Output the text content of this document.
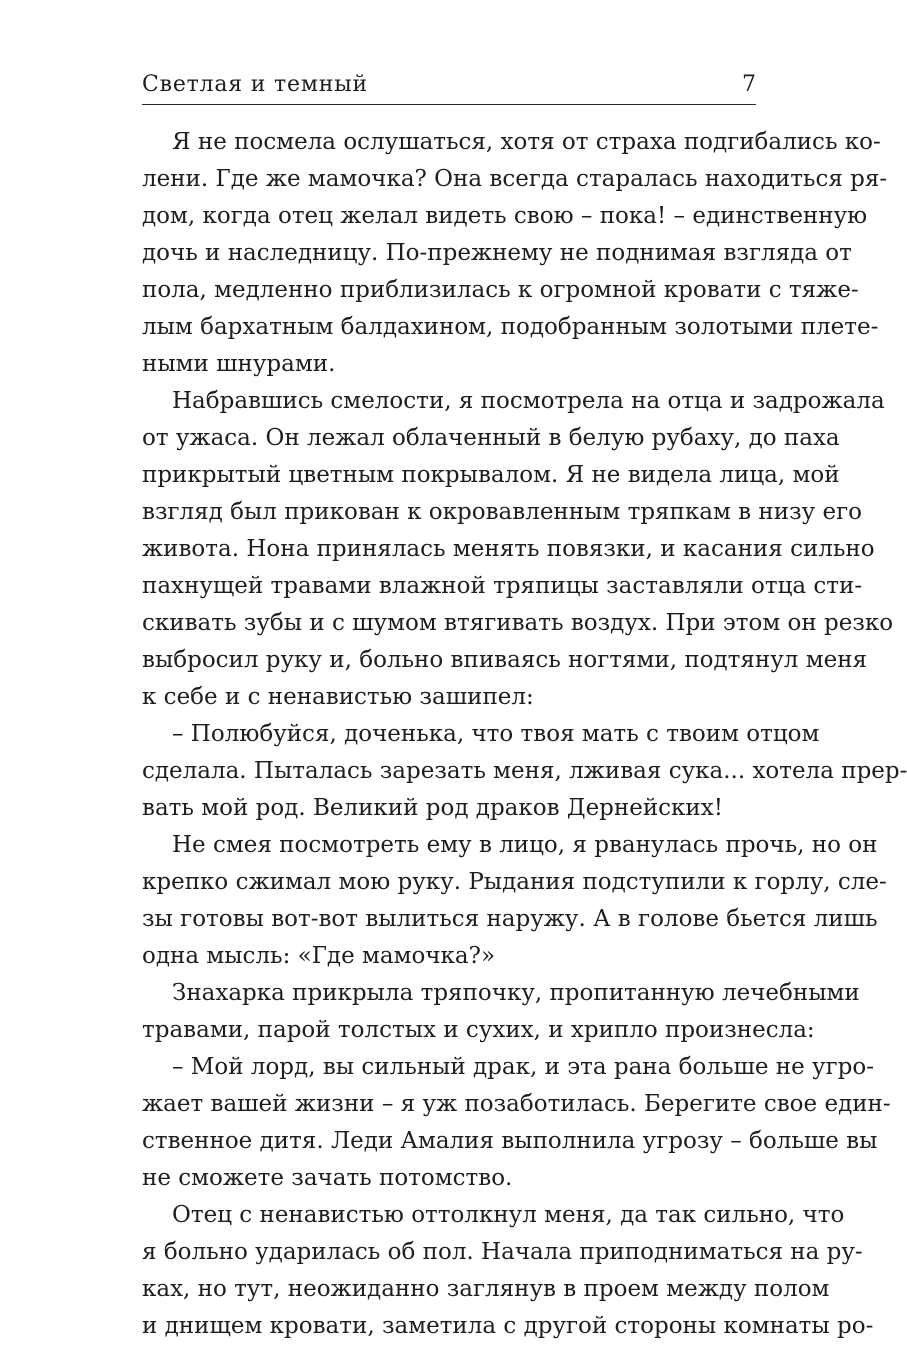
Светлая и темный	7
Я не посмела ослушаться, хотя от страха подгибались ко-
лени. Где же мамочка? Она всегда старалась находиться ря-
дом, когда отец желал видеть свою – пока! – единственную
дочь и наследницу. По-прежнему не поднимая взгляда от
пола, медленно приблизилась к огромной кровати с тяже-
лым бархатным балдахином, подобранным золотыми плете-
ными шнурами.
Набравшись смелости, я посмотрела на отца и задрожала
от ужаса. Он лежал облаченный в белую рубаху, до паха
прикрытый цветным покрывалом. Я не видела лица, мой
взгляд был прикован к окровавленным тряпкам в низу его
живота. Нона принялась менять повязки, и касания сильно
пахнущей травами влажной тряпицы заставляли отца сти-
скивать зубы и с шумом втягивать воздух. При этом он резко
выбросил руку и, больно впиваясь ногтями, подтянул меня
к себе и с ненавистью зашипел:
– Полюбуйся, доченька, что твоя мать с твоим отцом
сделала. Пыталась зарезать меня, лживая сука... хотела прер-
вать мой род. Великий род драков Дернейских!
Не смея посмотреть ему в лицо, я рванулась прочь, но он
крепко сжимал мою руку. Рыдания подступили к горлу, сле-
зы готовы вот-вот вылиться наружу. А в голове бьется лишь
одна мысль: «Где мамочка?»
Знахарка прикрыла тряпочку, пропитанную лечебными
травами, парой толстых и сухих, и хрипло произнесла:
– Мой лорд, вы сильный драк, и эта рана больше не угро-
жает вашей жизни – я уж позаботилась. Берегите свое един-
ственное дитя. Леди Амалия выполнила угрозу – больше вы
не сможете зачать потомство.
Отец с ненавистью оттолкнул меня, да так сильно, что
я больно ударилась об пол. Начала приподниматься на ру-
ках, но тут, неожиданно заглянув в проем между полом
и днищем кровати, заметила с другой стороны комнаты ро-
